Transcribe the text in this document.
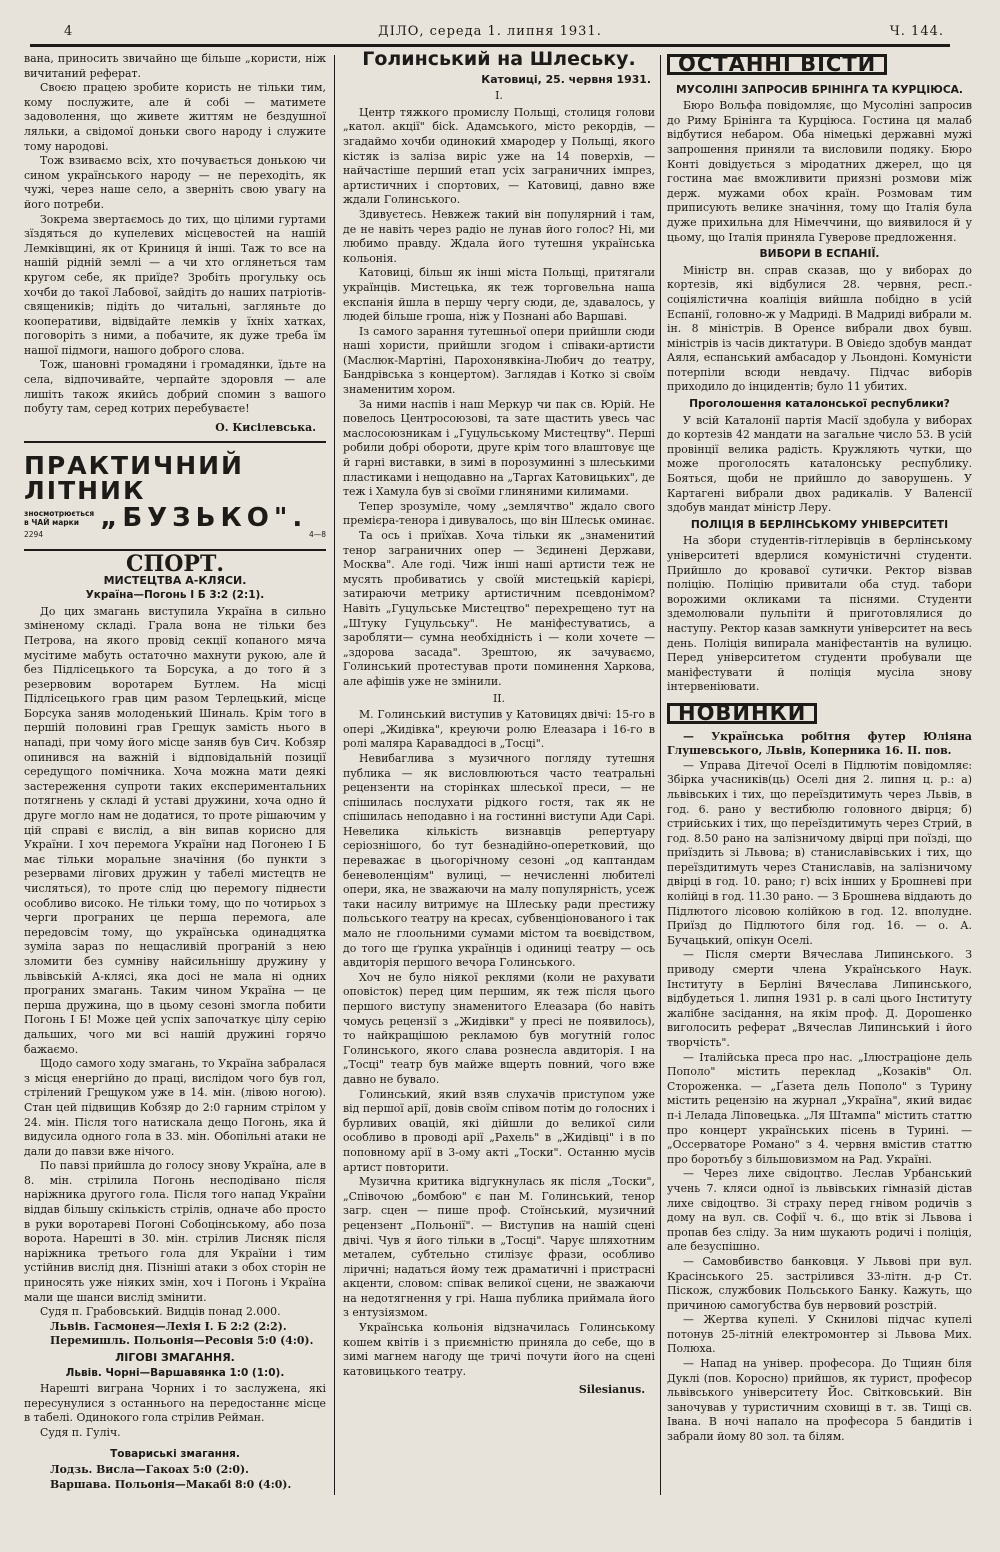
4	ДІЛО, середа 1. липня 1931.	Ч. 144.

вана, приносить звичайно ще більше „користи, ніж вичитаний реферат.

Своєю працею зробите користь не тільки тим, кому послужите, але й собі — матимете задоволення, що живете життям не бездушної ляльки, а свідомої доньки свого народу і служите тому народові.

Тож взиваємо всіх, хто почувається донькою чи сином українського народу — не переходіть, як чужі, через наше село, а зверніть свою увагу на його потреби.

Зокрема звертаємось до тих, що цілими гуртами зїздяться до купелевих місцевостей на нашій Лемківщині, як от Криниця й інші. Таж то все на нашій рідній землі — а чи хто оглянеться там кругом себе, як приїде? Зробіть прогульку ось хочби до такої Лабової, зайдіть до наших патріотів-священиків; підіть до читальні, загляньте до кооперативи, відвідайте лемків у їхніх хатках, поговоріть з ними, а побачите, як дуже треба їм нашої підмоги, нашого доброго слова.

Тож, шановні громадяни і громадянки, їдьте на села, відпочивайте, черпайте здоровля — але лишіть також якийсь добрий спомин з вашого побуту там, серед котрих перебуваєте!

О. Кисілевська.
ПРАКТИЧНИЙ ЛІТНИК
зносмотрюється
в ЧАЙ марки „БУЗЬКО".
2294	4—8
СПОРТ.
МИСТЕЦТВА А-КЛЯСИ.
Україна—Погонь І Б 3:2 (2:1).

До цих змагань виступила Україна в сильно зміненому складі. Грала вона не тільки без Петрова, на якого провід секції копаного мяча мусітиме мабуть остаточно махнути рукою, але й без Підлісецького та Борсука, а до того й з резервовим воротарем Бутлем. На місці Підлісецького грав цим разом Терлецький, місце Борсука заняв молоденький Шиналь. Крім того в першій половині грав Грещук замість нього в нападі, при чому його місце заняв був Сич. Кобзяр опинився на важній і відповідальній позиції середущого помічника. Хоча можна мати деякі застереження супроти таких експериментальних потягнень у складі й уставі дружини, хоча одно й друге могло нам не додатися, то проте рішаючим у цій справі є вислід, а він випав корисно для України. І хоч перемога України над Погонею І Б має тільки моральне значіння (бо пункти з резервами лігових дружин у табелі мистецтв не числяться), то проте слід цю перемогу піднести особливо високо. Не тільки тому, що по чотирьох з черги програних це перша перемога, але передовсім тому, що українська одинадцятка зуміла зараз по нещасливій програній з нею зломити без сумніву найсильнішу дружину у львівській А-клясі, яка досі не мала ні одних програних змагань. Таким чином Україна — це перша дружина, що в цьому сезоні змогла побити Погонь І Б! Може цей успіх започаткує цілу серію дальших, чого ми всі нашій дружині горячо бажаємо.

Щодо самого ходу змагань, то Україна забралася з місця енергійно до праці, вислідом чого був гол, стрілений Грещуком уже в 14. мін. (лівою ногою). Стан цей підвищив Кобзяр до 2:0 гарним стрілом у 24. мін. Після того натискала дещо Погонь, яка й видусила одного гола в 33. мін. Обопільні атаки не дали до павзи вже нічого.

По павзі прийшла до голосу знову Україна, але в 8. мін. стрілила Погонь несподівано після наріжника другого гола. Після того напад України віддав більшу скількість стрілів, одначе або просто в руки воротареві Погоні Собоцінському, або поза ворота. Нарешті в 30. мін. стрілив Лисняк після наріжника третього гола для України і тим устійнив вислід дня. Пізніші атаки з обох сторін не приносять уже ніяких змін, хоч і Погонь і Україна мали ще шанси вислід змінити.

Судя п. Грабовський. Видців понад 2.000.

Львів. Гасмонея—Лехія І. Б 2:2 (2:2).

Перемишль. Польонія—Ресовія 5:0 (4:0).

ЛІГОВІ ЗМАГАННЯ.
Львів. Чорні—Варшавянка 1:0 (1:0).

Нарешті вигранa Чорних і то заслужена, які пересунулися з останнього на передостаннє місце в табелі. Одинокого гола стрілив Рейман.

Судя п. Гуліч.

Товариські змагання.

Лодзь. Висла—Гакоах 5:0 (2:0).

Варшава. Польонія—Макабі 8:0 (4:0).

Голинський на Шлеську.
Катовиці, 25. червня 1931.
I.

Центр тяжкого промислу Польщі, столиця голови „катол. акції" бісk. Адамського, місто рекордів, — згадаймо хочби одинокий хмародер у Польщі, якого кістяк із заліза виріс уже на 14 поверхів, — найчастіше перший етап усіх заграничних імпрез, артистичних і спортових, — Катовиці, давно вже ждали Голинського.

Здивуєтесь. Невжеж такий він популярний і там, де не навіть через радіо не лунав його голос? Ні, ми любимо правду. Ждала його тутешня українська кольонія.

Катовиці, більш як інші міста Польщі, притягали українців. Мистецька, як теж торговельна наша експанія йшла в першу чергу сюди, де, здавалось, у людей більше гроша, ніж у Познані або Варшаві.

Із самого зарання тутешньої опери прийшли сюди наші хористи, прийшли згодом і співаки-артисти (Маслюк-Мартіні, Парохонявкіна-Любич до театру, Бандрівська з концертом). Заглядав і Котко зі своїм знаменитим хором.

За ними наспів і наш Меркур чи пак св. Юрій. Не повелось Центросоюзові, та зате щастить увесь час маслосоюзникам і „Гуцульському Мистецтву". Перші робили добрі обороти, друге крім того влаштовує ще й гарні виставки, в зимі в порозуминні з шлеськими пластиками і нещодавно на „Таргах Катовицьких", де теж і Хамула був зі своїми глиняними килимами.

Тепер зрозуміле, чому „землячтво" ждало свого премієра-тенора і дивувалось, що він Шлеськ оминає.

Та ось і приїхав. Хоча тільки як „знаменитий тенор заграничних опер — Зєдинені Держави, Москва". Але годі. Чиж інші наші артисти теж не мусять пробиватись у своїй мистецькій карієрі, затираючи метрику артистичним псевдонімом? Навіть „Гуцульське Мистецтво" перехрещено тут на „Штуку Гуцульську". Не маніфестуватись, а заробляти— сумна необхідність і — коли хочете — „здорова засада". Зрештою, як зачуваємо, Голинський протестував проти поминення Харкова, але афішів уже не змінили.

II.

М. Голинський виступив у Катовицях двічі: 15-го в опері „Жидівка", креуючи ролю Елеазара і 16-го в ролі маляра Караваддосі в „Тосці".

Невибаглива з музичного погляду тутешня публика — як висловлюються часто театральні рецензенти на сторінках шлеської преси, — не спішилась послухати рідкого гостя, так як не спішилась неподавно і на гостинні виступи Ади Сарі. Невелика кількість визнавців репертуару серіознішого, бо тут безнадійно-оперетковий, що переважає в цьогорічному сезоні „од каптандам беневоленціям" вулиці, — нечисленні любителі опери, яка, не зважаючи на малу популярність, усеж таки насилу витримує на Шлеську ради престижу польського театру на кресах, субвенціонованого і так мало не глоольними сумами містом та воєвідством, до того ще ґрупка українців і одиниці театру — ось авдиторія першого вечора Голинського.

Хоч не було ніякої реклями (коли не рахувати оповісток) перед цим першим, як теж після цього першого виступу знаменитого Елеазара (бо навіть чомусь рецензії з „Жидівки" у пресі не появилось), то найкращішою рекламою був могутній голос Голинського, якого слава рознесла авдиторія. І на „Тосці" театр був майже вщерть повний, чого вже давно не бувало.

Голинський, який взяв слухачів приступом уже від першої арії, довів своїм співом потім до голосних і бурливих овацій, які дійшли до великої сили особливо в проводі арії „Рахель" в „Жидівці" і в по поповному арії в 3-ому акті „Тоски". Останню мусів артист повторити.

Музична критика відгукнулась як після „Тоски", „Співочою „бомбою" є пан М. Голинський, тенор загр. сцен — пише проф. Стоїнський, музичний рецензент „Польонії". — Виступив на нашій сцені двічі. Чув я його тільки в „Тосці". Чарує шляхотним металем, субтельно стилізує фрази, особливо ліричні; надаться йому теж драматичні і пристрасні акценти, словом: співак великої сцени, не зважаючи на недотягнення у грі. Наша публика приймала його з ентузіязмом.

Українська кольонія відзначилась Голинському кошем квітів і з приємністю приняла до себе, що в зимі магнем нагоду ще тричі почути його на сцені катовицького театру.

Silesianus.
ОСТАННІ ВІСТИ
МУСОЛІНІ ЗАПРОСИВ БРІНІНГА ТА КУРЦІЮСА.

Бюро Вольфа повідомляє, що Мусоліні запросив до Риму Брінінга та Курціюса. Гостина ця малаб відбутися небаром. Оба німецькі державні мужі запрошення приняли та висловили подяку. Бюро Конті довідується з міродатних джерел, що ця гостина має вможливити приязні розмови між держ. мужами обох країн. Розмовам тим приписують велике значіння, тому що Італія була дуже прихильна для Німеччини, що виявилося й у цьому, що Італія приняла Гуверове предложення.

ВИБОРИ В ЕСПАНІЇ.

Міністр вн. справ сказав, що у виборах до кортезів, які відбулися 28. червня, респ.-соціялістична коаліція вийшла побідно в усій Еспанії, головно-ж у Мадриді. В Мадриді вибрали м. ін. 8 міністрів. В Оренсе вибрали двох бувш. міністрів із часів диктатури. В Овієдо здобув мандат Аяля, еспанський амбасадор у Льондоні. Комуністи потерпіли всюди невдачу. Підчас виборів приходило до інцидентів; було 11 убитих.

Проголошення каталонської республики?

У всій Каталонії партія Масії здобула у виборах до кортезів 42 мандати на загальне число 53. В усій провінції велика радість. Кружляють чутки, що може проголосять каталонську республику. Бояться, щоби не прийшло до заворушень. У Картагені вибрали двох радикалів. У Валенсії здобув мандат міністр Леру.

ПОЛІЦІЯ В БЕРЛІНСЬКОМУ УНІВЕРСИТЕТІ

На збори студентів-гітлерівців в берлінському університеті вдерлися комуністичні студенти. Прийшло до кровавої сутички. Ректор візвав поліцію. Поліцію привитали оба студ. табори ворожими окликами та піснями. Студенти здемолювали пульпіти й приготовлялися до наступу. Ректор казав замкнути університет на весь день. Поліція випирала маніфестантів на вулицю. Перед університетом студенти пробували ще маніфестувати й поліція мусіла знову інтервеніювати.

НОВИНКИ

— Українська робітня футер Юліяна Глушевського, Львів, Коперника 16. II. пов.

— Управа Дітечої Оселі в Підлютім повідомляє: Збірка учасників(ць) Оселі дня 2. липня ц. р.: а) львівських і тих, що переїздитимуть через Львів, в год. 6. рано у вестибюлю головного двірця; б) стрийських і тих, що переїздитимуть через Стрий, в год. 8.50 рано на залізничому двірці при поїзді, що приїздить зі Львова; в) станиславівських і тих, що переїздитимуть через Станиславів, на залізничому двірці в год. 10. рано; г) всіх інших у Брошневі при колійці в год. 11.30 рано. — З Брошнева віддають до Підлютого лісовою колійкою в год. 12. вполудне. Приїзд до Підлютого біля год. 16. — о. А. Бучацький, опікун Оселі.

— Після смерти Вячеслава Липинського. З приводу смерти члена Українського Наук. Інституту в Берліні Вячеслава Липинського, відбудеться 1. липня 1931 р. в салі цього Інституту жалібне засідання, на якім проф. Д. Дорошенко виголосить реферат „Вячеслав Липинський і його творчість".

— Італійська преса про нас. „Ілюстраціоне дель Пополо" містить переклад „Козаків" Ол. Стороженка. — „Ґазета дель Пополо" з Турину містить рецензію на журнал „Україна", який видає п-і Лелада Ліповецька. „Ля Штампа" містить статтю про концерт українських пісень в Турині. — „Оссерваторе Романо" з 4. червня вмістив статтю про боротьбу з більшовизмом на Рад. Україні.

— Через лихе свідоцтво. Леслав Урбанський учень 7. кляси одної із львівських гімназій дістав лихе свідоцтво. Зі страху перед гнівом родичів з дому на вул. св. Софії ч. 6., що втік зі Львова і пропав без сліду. За ним шукають родичі і поліція, але безуспішно.

— Самовбивство банковця. У Львові при вул. Красінського 25. застрілився 33-літн. д-р Ст. Піскож, службовик Польського Банку. Кажуть, що причиною самогубства був нервовий розстрій.

— Жертва купелі. У Скнилові підчас купелі потонув 25-літній електромонтер зі Львова Мих. Полюха.

— Напад на універ. професора. До Тщиян біля Дуклі (пов. Коросно) прийшов, як турист, професор львівського університету Йос. Світковський. Він заночував у туристичним сховищі в т. зв. Тищі св. Івана. В ночі напало на професора 5 бандитів і забрали йому 80 зол. та білям.
